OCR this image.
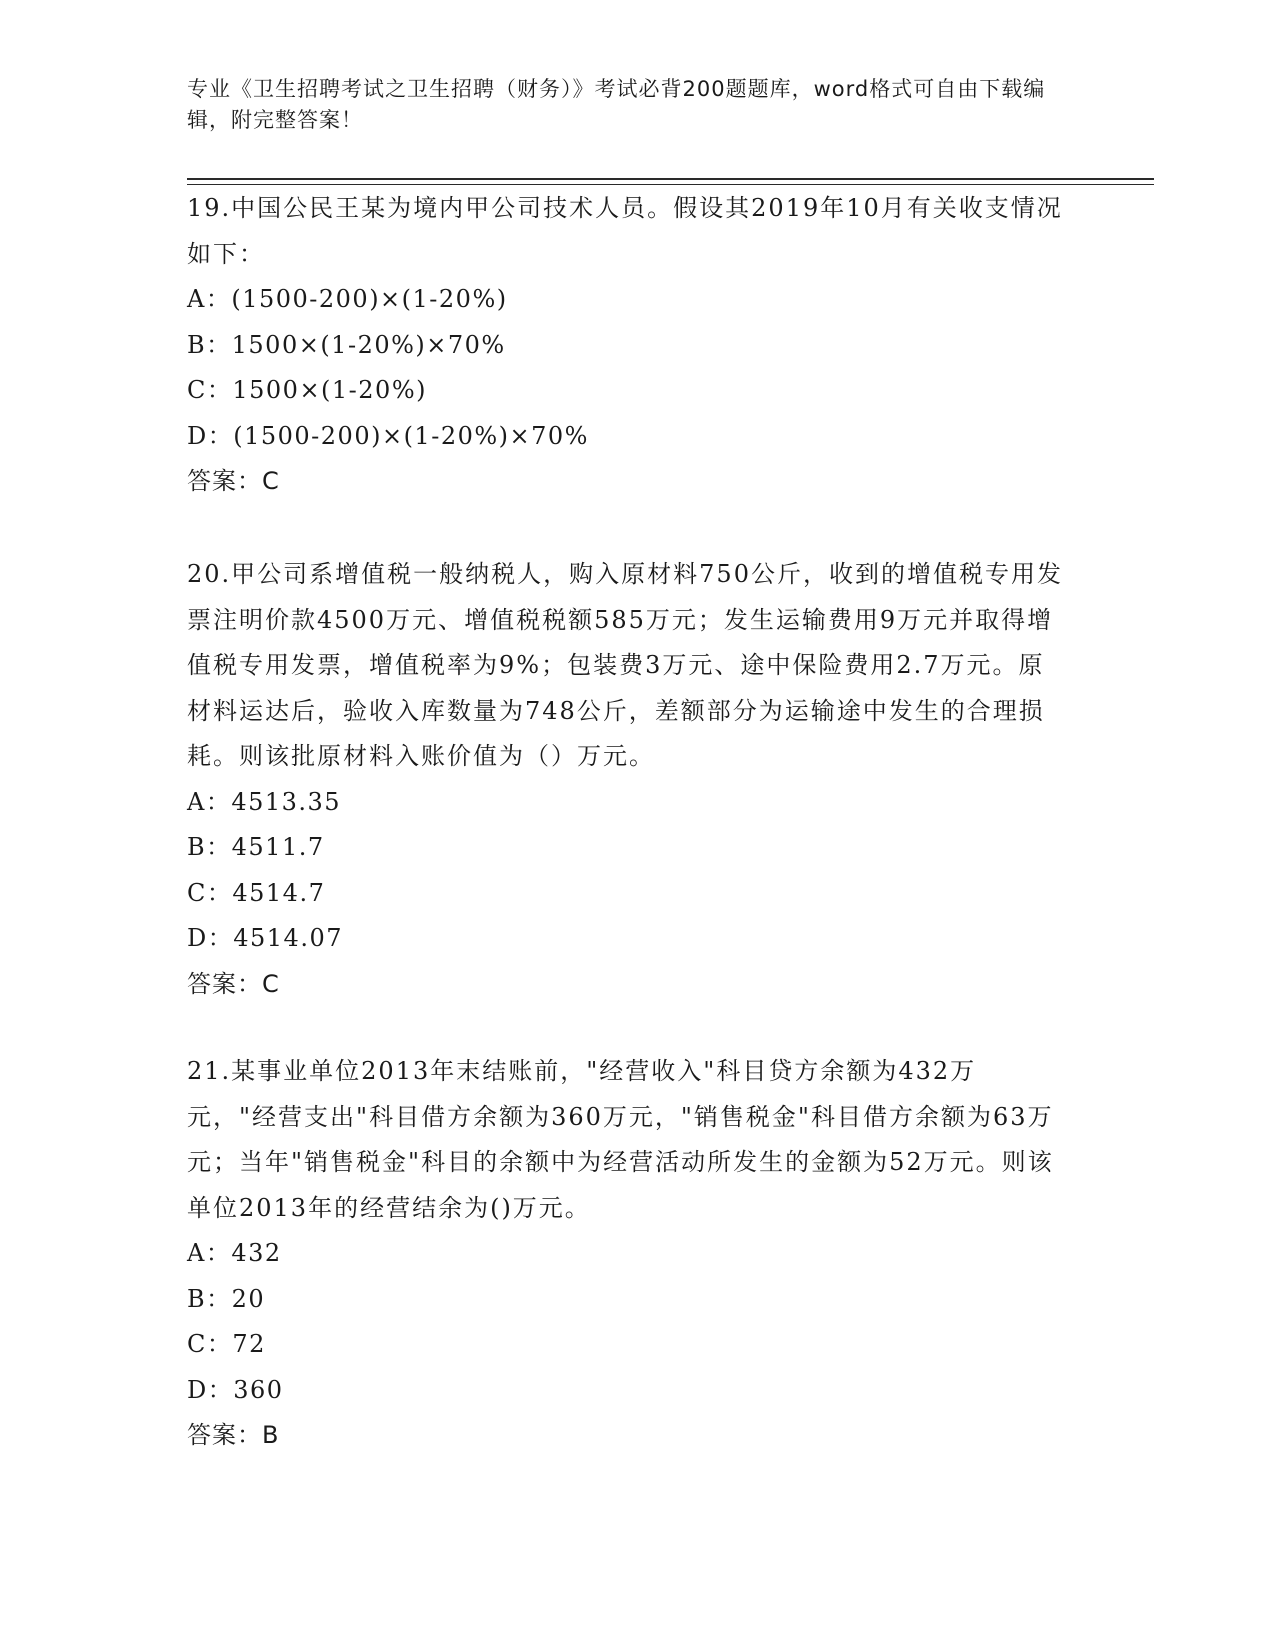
专业《卫生招聘考试之卫生招聘（财务）》考试必背200题题库，word格式可自由下载编辑，附完整答案！

19.中国公民王某为境内甲公司技术人员。假设其2019年10月有关收支情况如下：

A：(1500-200)×(1-20%)

B：1500×(1-20%)×70%

C：1500×(1-20%)

D：(1500-200)×(1-20%)×70%

答案：C

20.甲公司系增值税一般纳税人，购入原材料750公斤，收到的增值税专用发票注明价款4500万元、增值税税额585万元；发生运输费用9万元并取得增值税专用发票，增值税率为9%；包装费3万元、途中保险费用2.7万元。原材料运达后，验收入库数量为748公斤，差额部分为运输途中发生的合理损耗。则该批原材料入账价值为（）万元。

A：4513.35

B：4511.7

C：4514.7

D：4514.07

答案：C

21.某事业单位2013年末结账前，"经营收入"科目贷方余额为432万元，"经营支出"科目借方余额为360万元，"销售税金"科目借方余额为63万元；当年"销售税金"科目的余额中为经营活动所发生的金额为52万元。则该单位2013年的经营结余为()万元。

A：432

B：20

C：72

D：360

答案：B
